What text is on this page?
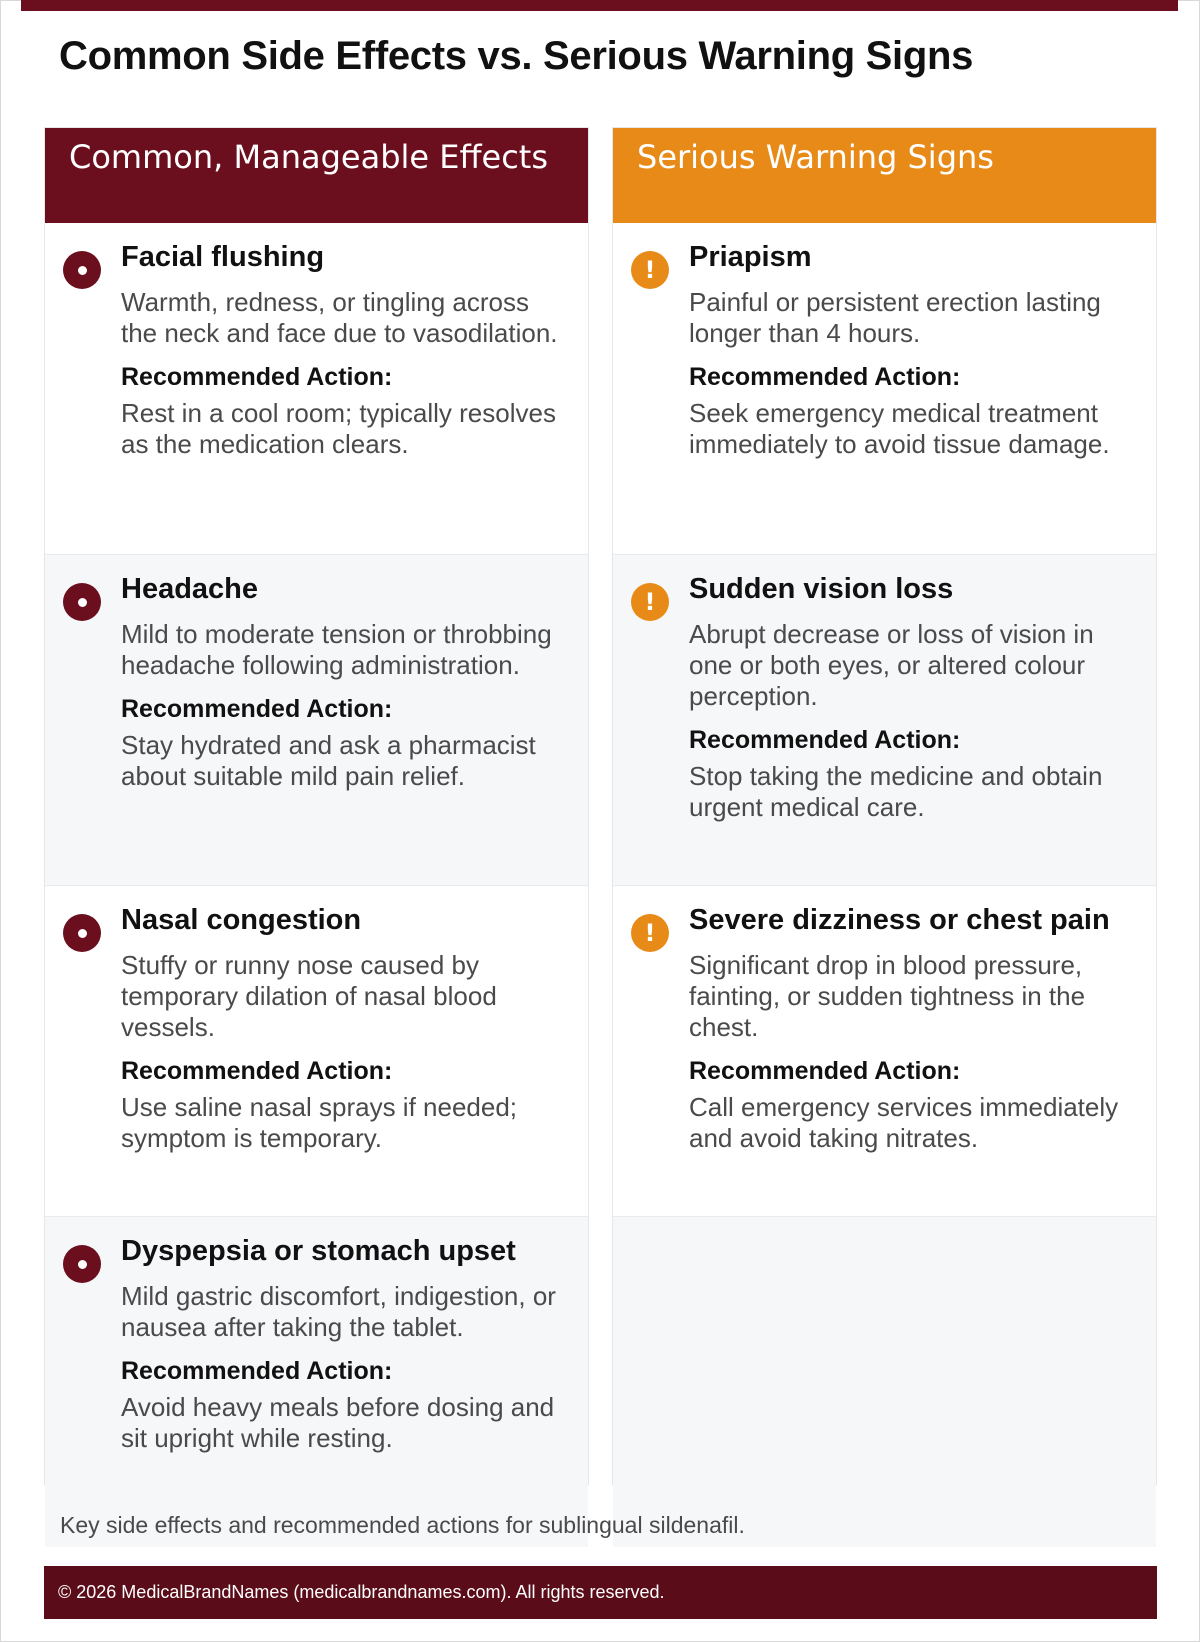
Common Side Effects vs. Serious Warning Signs
Common, Manageable Effects
Facial flushing
Warmth, redness, or tingling across the neck and face due to vasodilation.
Recommended Action:
Rest in a cool room; typically resolves as the medication clears.
Headache
Mild to moderate tension or throbbing headache following administration.
Recommended Action:
Stay hydrated and ask a pharmacist about suitable mild pain relief.
Nasal congestion
Stuffy or runny nose caused by temporary dilation of nasal blood vessels.
Recommended Action:
Use saline nasal sprays if needed; symptom is temporary.
Dyspepsia or stomach upset
Mild gastric discomfort, indigestion, or nausea after taking the tablet.
Recommended Action:
Avoid heavy meals before dosing and sit upright while resting.
Serious Warning Signs
!	Priapism
Painful or persistent erection lasting longer than 4 hours.
Recommended Action:
Seek emergency medical treatment immediately to avoid tissue damage.
!	Sudden vision loss
Abrupt decrease or loss of vision in one or both eyes, or altered colour perception.
Recommended Action:
Stop taking the medicine and obtain urgent medical care.
!	Severe dizziness or chest pain
Significant drop in blood pressure, fainting, or sudden tightness in the chest.
Recommended Action:
Call emergency services immediately and avoid taking nitrates.

Key side effects and recommended actions for sublingual sildenafil.

© 2026 MedicalBrandNames (medicalbrandnames.com). All rights reserved.
